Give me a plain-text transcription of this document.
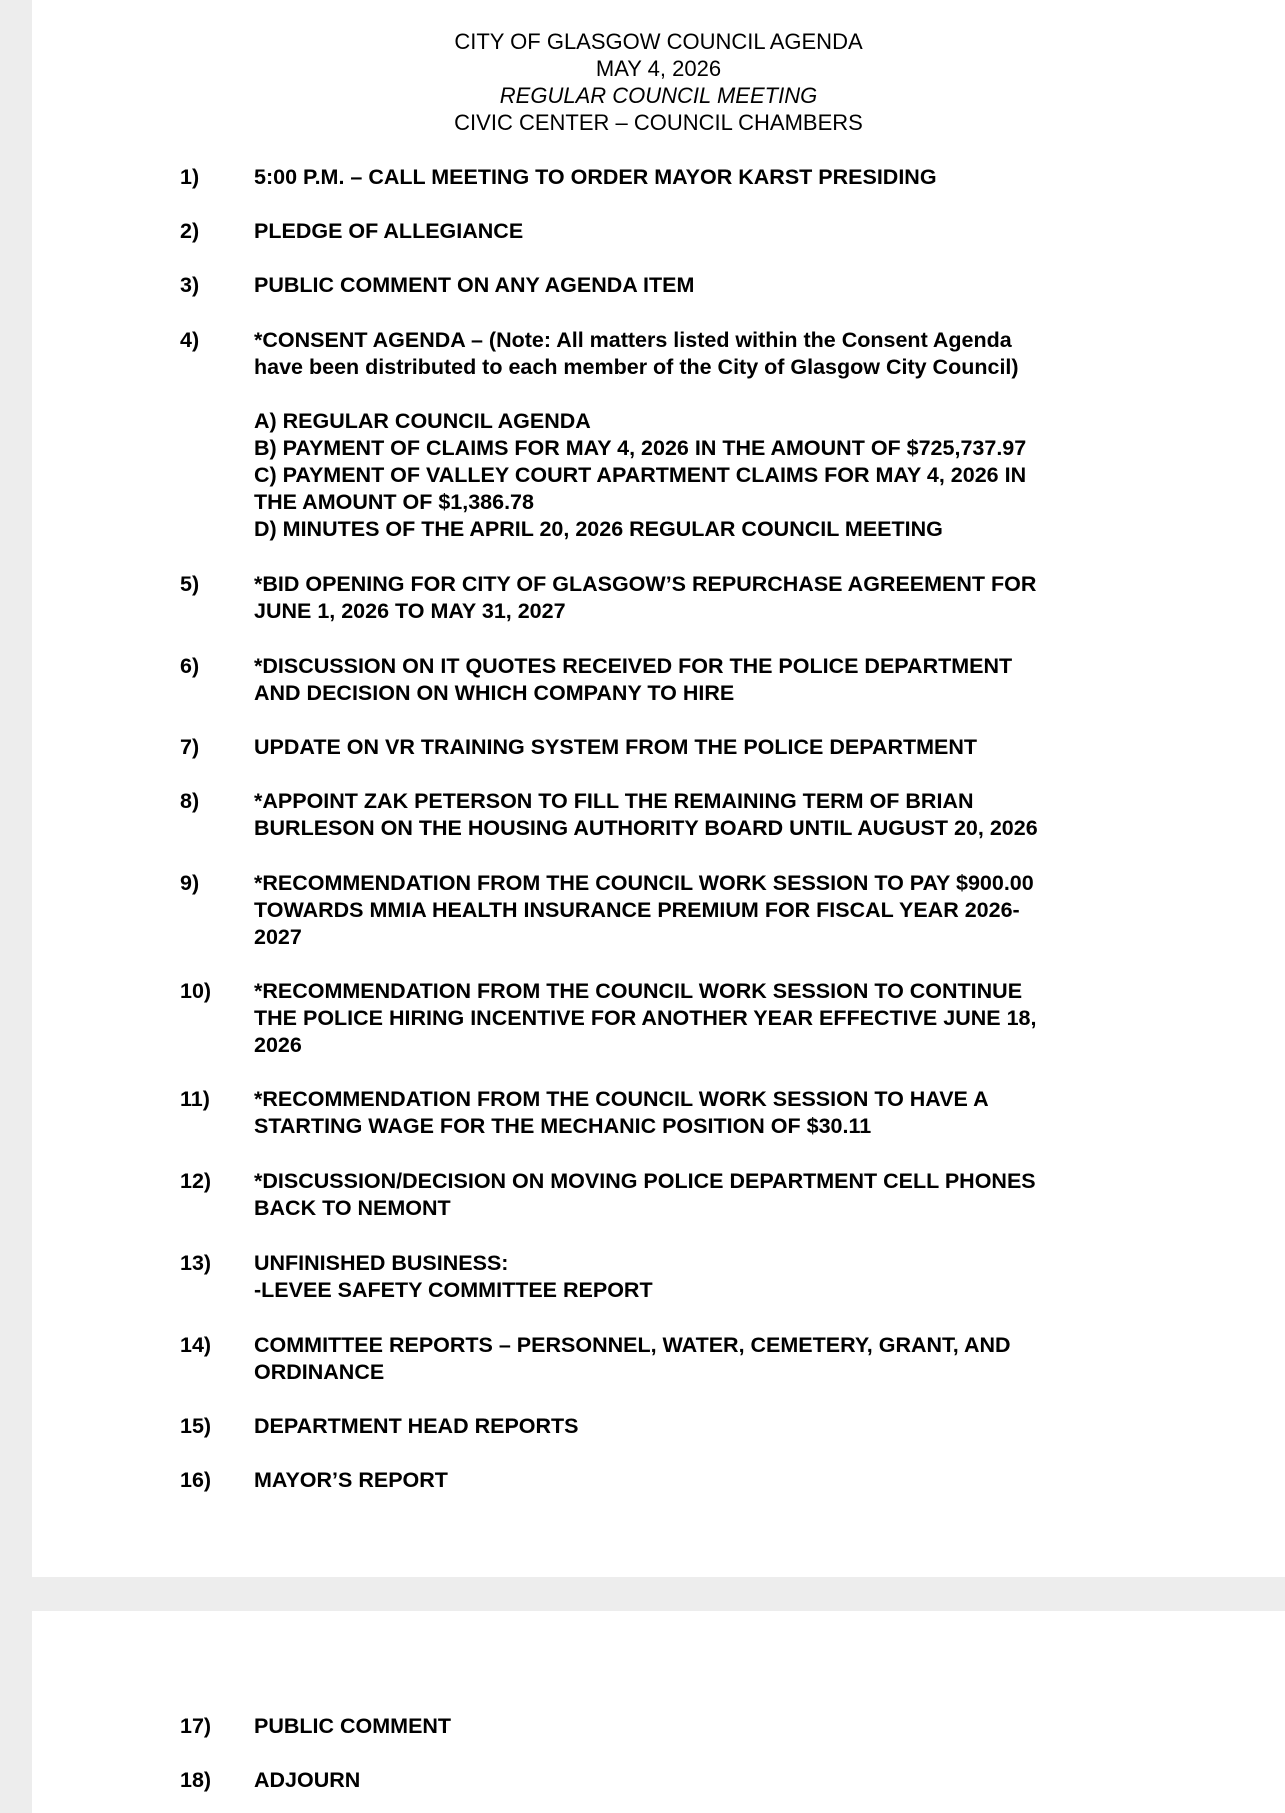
CITY OF GLASGOW COUNCIL AGENDA
MAY 4, 2026
REGULAR COUNCIL MEETING
CIVIC CENTER – COUNCIL CHAMBERS
1)	5:00 P.M. – CALL MEETING TO ORDER MAYOR KARST PRESIDING
2)	PLEDGE OF ALLEGIANCE
3)	PUBLIC COMMENT ON ANY AGENDA ITEM
4)	*CONSENT AGENDA – (Note: All matters listed within the Consent Agenda
have been distributed to each member of the City of Glasgow City Council)
A) REGULAR COUNCIL AGENDA
B) PAYMENT OF CLAIMS FOR MAY 4, 2026 IN THE AMOUNT OF $725,737.97
C) PAYMENT OF VALLEY COURT APARTMENT CLAIMS FOR MAY 4, 2026 IN
THE AMOUNT OF $1,386.78
D) MINUTES OF THE APRIL 20, 2026 REGULAR COUNCIL MEETING
5)	*BID OPENING FOR CITY OF GLASGOW’S REPURCHASE AGREEMENT FOR
JUNE 1, 2026 TO MAY 31, 2027
6)	*DISCUSSION ON IT QUOTES RECEIVED FOR THE POLICE DEPARTMENT
AND DECISION ON WHICH COMPANY TO HIRE
7)	UPDATE ON VR TRAINING SYSTEM FROM THE POLICE DEPARTMENT
8)	*APPOINT ZAK PETERSON TO FILL THE REMAINING TERM OF BRIAN
BURLESON ON THE HOUSING AUTHORITY BOARD UNTIL AUGUST 20, 2026
9)	*RECOMMENDATION FROM THE COUNCIL WORK SESSION TO PAY $900.00
TOWARDS MMIA HEALTH INSURANCE PREMIUM FOR FISCAL YEAR 2026-
2027
10) *RECOMMENDATION FROM THE COUNCIL WORK SESSION TO CONTINUE
THE POLICE HIRING INCENTIVE FOR ANOTHER YEAR EFFECTIVE JUNE 18,
2026
11) *RECOMMENDATION FROM THE COUNCIL WORK SESSION TO HAVE A
STARTING WAGE FOR THE MECHANIC POSITION OF $30.11
12) *DISCUSSION/DECISION ON MOVING POLICE DEPARTMENT CELL PHONES
BACK TO NEMONT
13) UNFINISHED BUSINESS:
-LEVEE SAFETY COMMITTEE REPORT
14) COMMITTEE REPORTS – PERSONNEL, WATER, CEMETERY, GRANT, AND
ORDINANCE
15) DEPARTMENT HEAD REPORTS
16) MAYOR’S REPORT
17) PUBLIC COMMENT
18) ADJOURN
